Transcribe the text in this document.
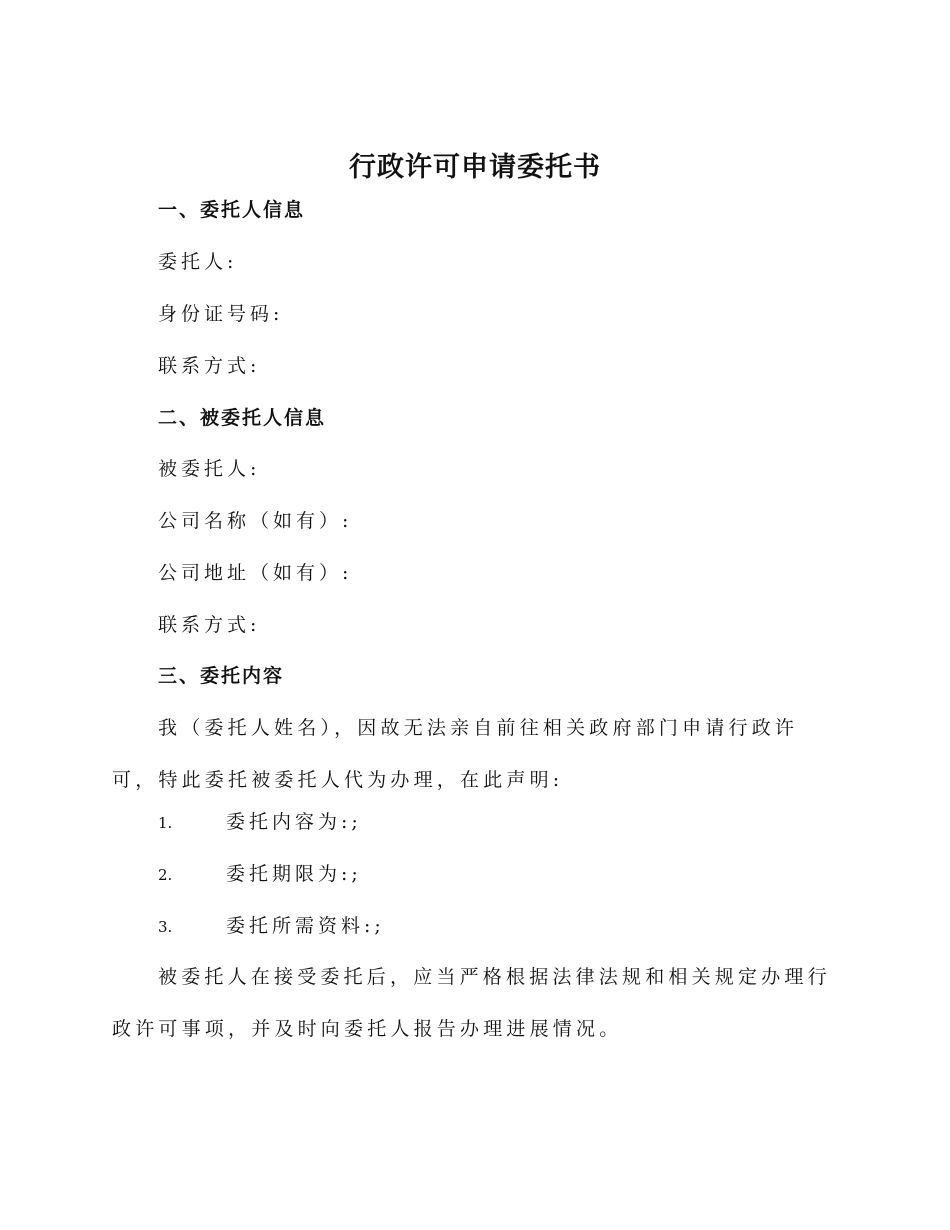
行政许可申请委托书
一、委托人信息
委托人:
身份证号码:
联系方式:
二、被委托人信息
被委托人:
公司名称（如有）:
公司地址（如有）:
联系方式:
三、委托内容
我（委托人姓名），因故无法亲自前往相关政府部门申请行政许可，特此委托被委托人代为办理，在此声明:
1.	委托内容为:;
2.	委托期限为:;
3.	委托所需资料:;
被委托人在接受委托后，应当严格根据法律法规和相关规定办理行政许可事项，并及时向委托人报告办理进展情况。
